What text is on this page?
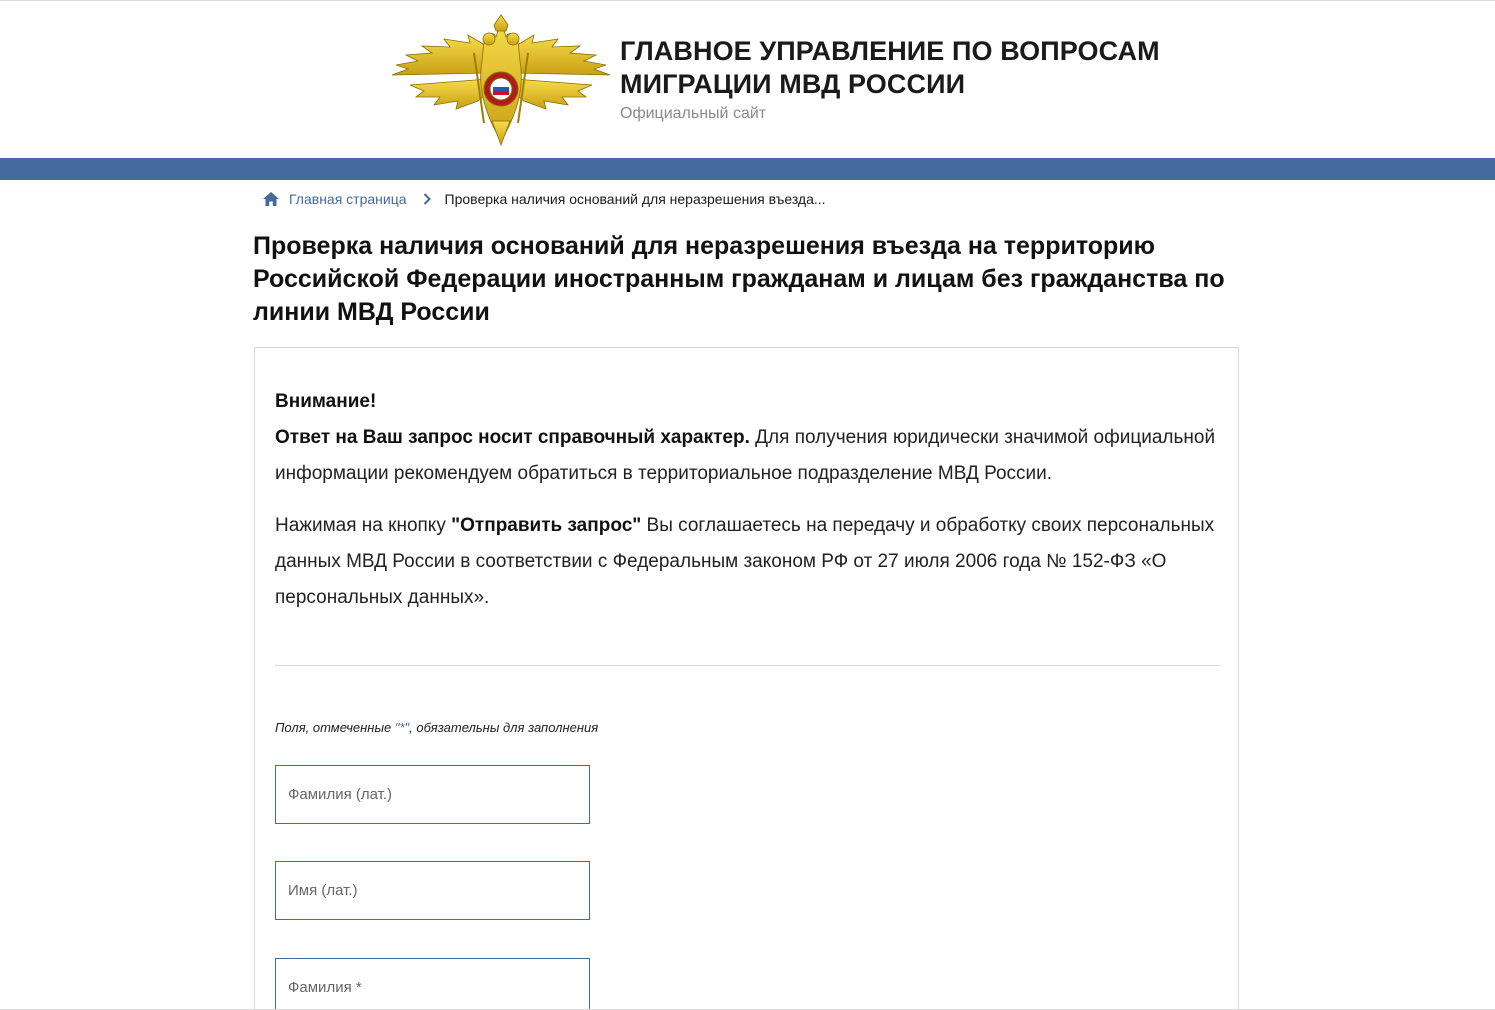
ГЛАВНОЕ УПРАВЛЕНИЕ ПО ВОПРОСАМ
МИГРАЦИИ МВД РОССИИ
Официальный сайт
Главная страница	Проверка наличия оснований для неразрешения въезда...
Проверка наличия оснований для неразрешения въезда на территорию Российской Федерации иностранным гражданам и лицам без гражданства по линии МВД России

Внимание!

Ответ на Ваш запрос носит справочный характер. Для получения юридически значимой официальной информации рекомендуем обратиться в территориальное подразделение МВД России.

Нажимая на кнопку "Отправить запрос" Вы соглашаетесь на передачу и обработку своих персональных данных МВД России в соответствии с Федеральным законом РФ от 27 июля 2006 года № 152-ФЗ «О персональных данных».

Поля, отмеченные "*", обязательны для заполнения
Фамилия (лат.)
Имя (лат.)
Фамилия *
